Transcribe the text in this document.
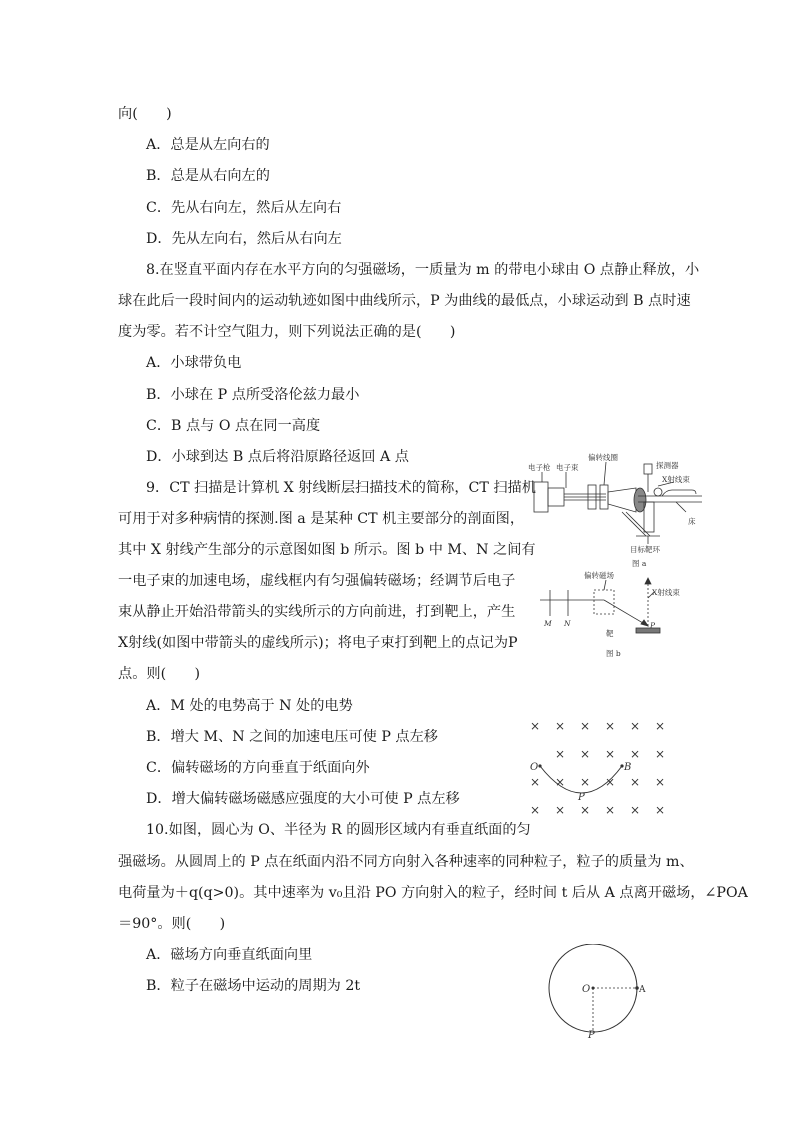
向(　　)
A．总是从左向右的
B．总是从右向左的
C．先从右向左，然后从左向右
D．先从左向右，然后从右向左
8.在竖直平面内存在水平方向的匀强磁场，一质量为 m 的带电小球由 O 点静止释放，小
球在此后一段时间内的运动轨迹如图中曲线所示，P 为曲线的最低点，小球运动到 B 点时速
度为零。若不计空气阻力，则下列说法正确的是(　　)
A．小球带负电
B．小球在 P 点所受洛伦兹力最小
C．B 点与 O 点在同一高度
D．小球到达 B 点后将沿原路径返回 A 点
9．CT 扫描是计算机 X 射线断层扫描技术的简称，CT 扫描机
可用于对多种病情的探测.图 a 是某种 CT 机主要部分的剖面图，
其中 X 射线产生部分的示意图如图 b 所示。图 b 中 M、N 之间有
一电子束的加速电场，虚线框内有匀强偏转磁场；经调节后电子
束从静止开始沿带箭头的实线所示的方向前进，打到靶上，产生
X射线(如图中带箭头的虚线所示)；将电子束打到靶上的点记为P
点。则(　　)
A．M 处的电势高于 N 处的电势
B．增大 M、N 之间的加速电压可使 P 点左移
C．偏转磁场的方向垂直于纸面向外
D．增大偏转磁场磁感应强度的大小可使 P 点左移
10.如图，圆心为 O、半径为 R 的圆形区域内有垂直纸面的匀
强磁场。从圆周上的 P 点在纸面内沿不同方向射入各种速率的同种粒子，粒子的质量为 m、
电荷量为＋q(q>0)。其中速率为 v₀且沿 PO 方向射入的粒子，经时间 t 后从 A 点离开磁场，∠POA
＝90°。则(　　)
A．磁场方向垂直纸面向里
B．粒子在磁场中运动的周期为 2t
电子枪 电子束
偏转线圈
探测器
X射线束
床
目标靶环
图 a
偏转磁场
X射线束
M N
靶
P
图 b
× × × × × ×
× × × × ×
× × × × × ×
× × × × × ×
O	B
P
O	A
P
